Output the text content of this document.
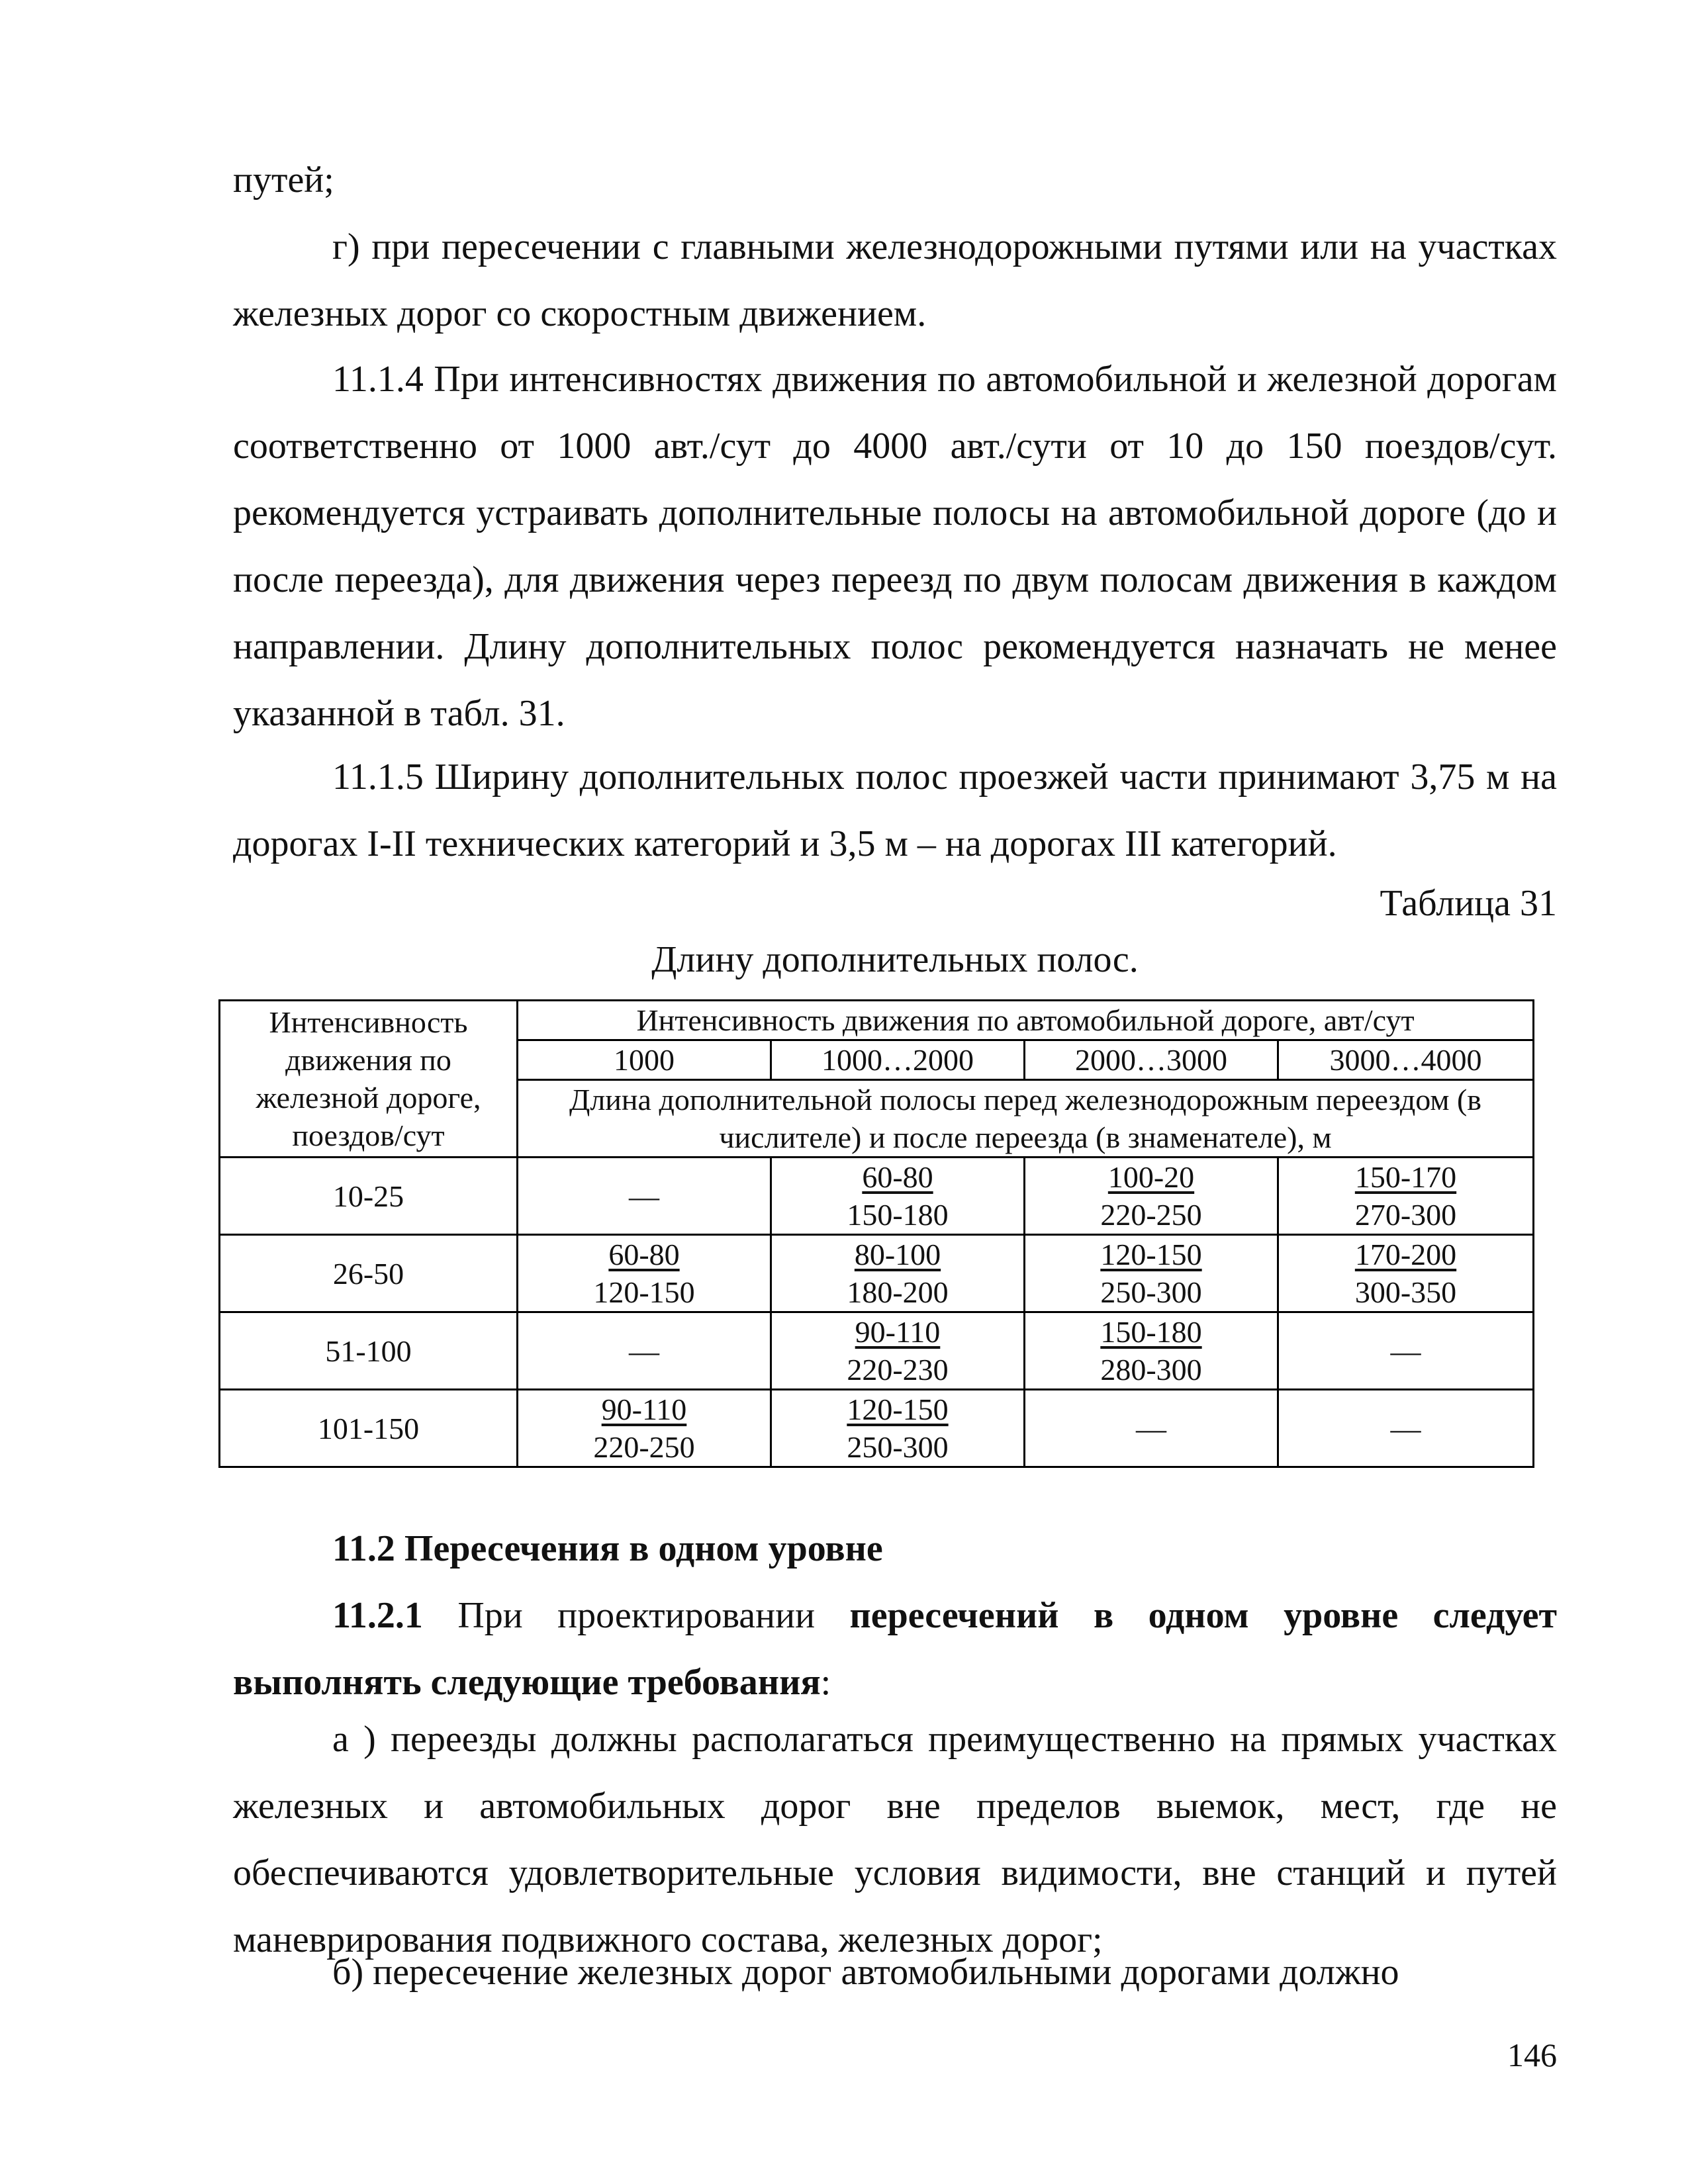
путей;

г) при пересечении с главными железнодорожными путями или на участках железных дорог со скоростным движением.

11.1.4 При интенсивностях движения по автомобильной и железной дорогам соответственно от 1000 авт./сут до 4000 авт./сути от 10 до 150 поездов/сут. рекомендуется устраивать дополнительные полосы на автомобильной дороге (до и после переезда), для движения через переезд по двум полосам движения в каждом направлении. Длину дополнительных полос рекомендуется назначать не менее указанной в табл. 31.

11.1.5 Ширину дополнительных полос проезжей части принимают 3,75 м на дорогах I-II технических категорий и 3,5 м – на дорогах III категорий.

Таблица 31
Длину дополнительных полос.
Интенсивность движения по железной дороге, поездов/сут	Интенсивность движения по автомобильной дороге, авт/сут			
	1000	1000…2000	2000…3000	3000…4000
	Длина дополнительной полосы перед железнодорожным переездом (в числителе) и после переезда (в знаменателе), м			
10-25	—	$\frac{60-80}{150-180}$	$\frac{100-20}{220-250}$	$\frac{150-170}{270-300}$

26-50	$\frac{60-80}{120-150}$	$\frac{80-100}{180-200}$	$\frac{120-150}{250-300}$	$\frac{170-200}{300-350}$

51-100	—	$\frac{90-110}{220-230}$	$\frac{150-180}{280-300}$	—
101-150	$\frac{90-110}{220-250}$	$\frac{120-150}{250-300}$	—	—

11.2 Пересечения в одном уровне

11.2.1 При проектировании пересечений в одном уровне следует выполнять следующие требования:

а ) переезды должны располагаться преимущественно на прямых участках железных и автомобильных дорог вне пределов выемок, мест, где не обеспечиваются удовлетворительные условия видимости, вне станций и путей маневрирования подвижного состава, железных дорог;

б) пересечение железных дорог автомобильными дорогами должно

146
